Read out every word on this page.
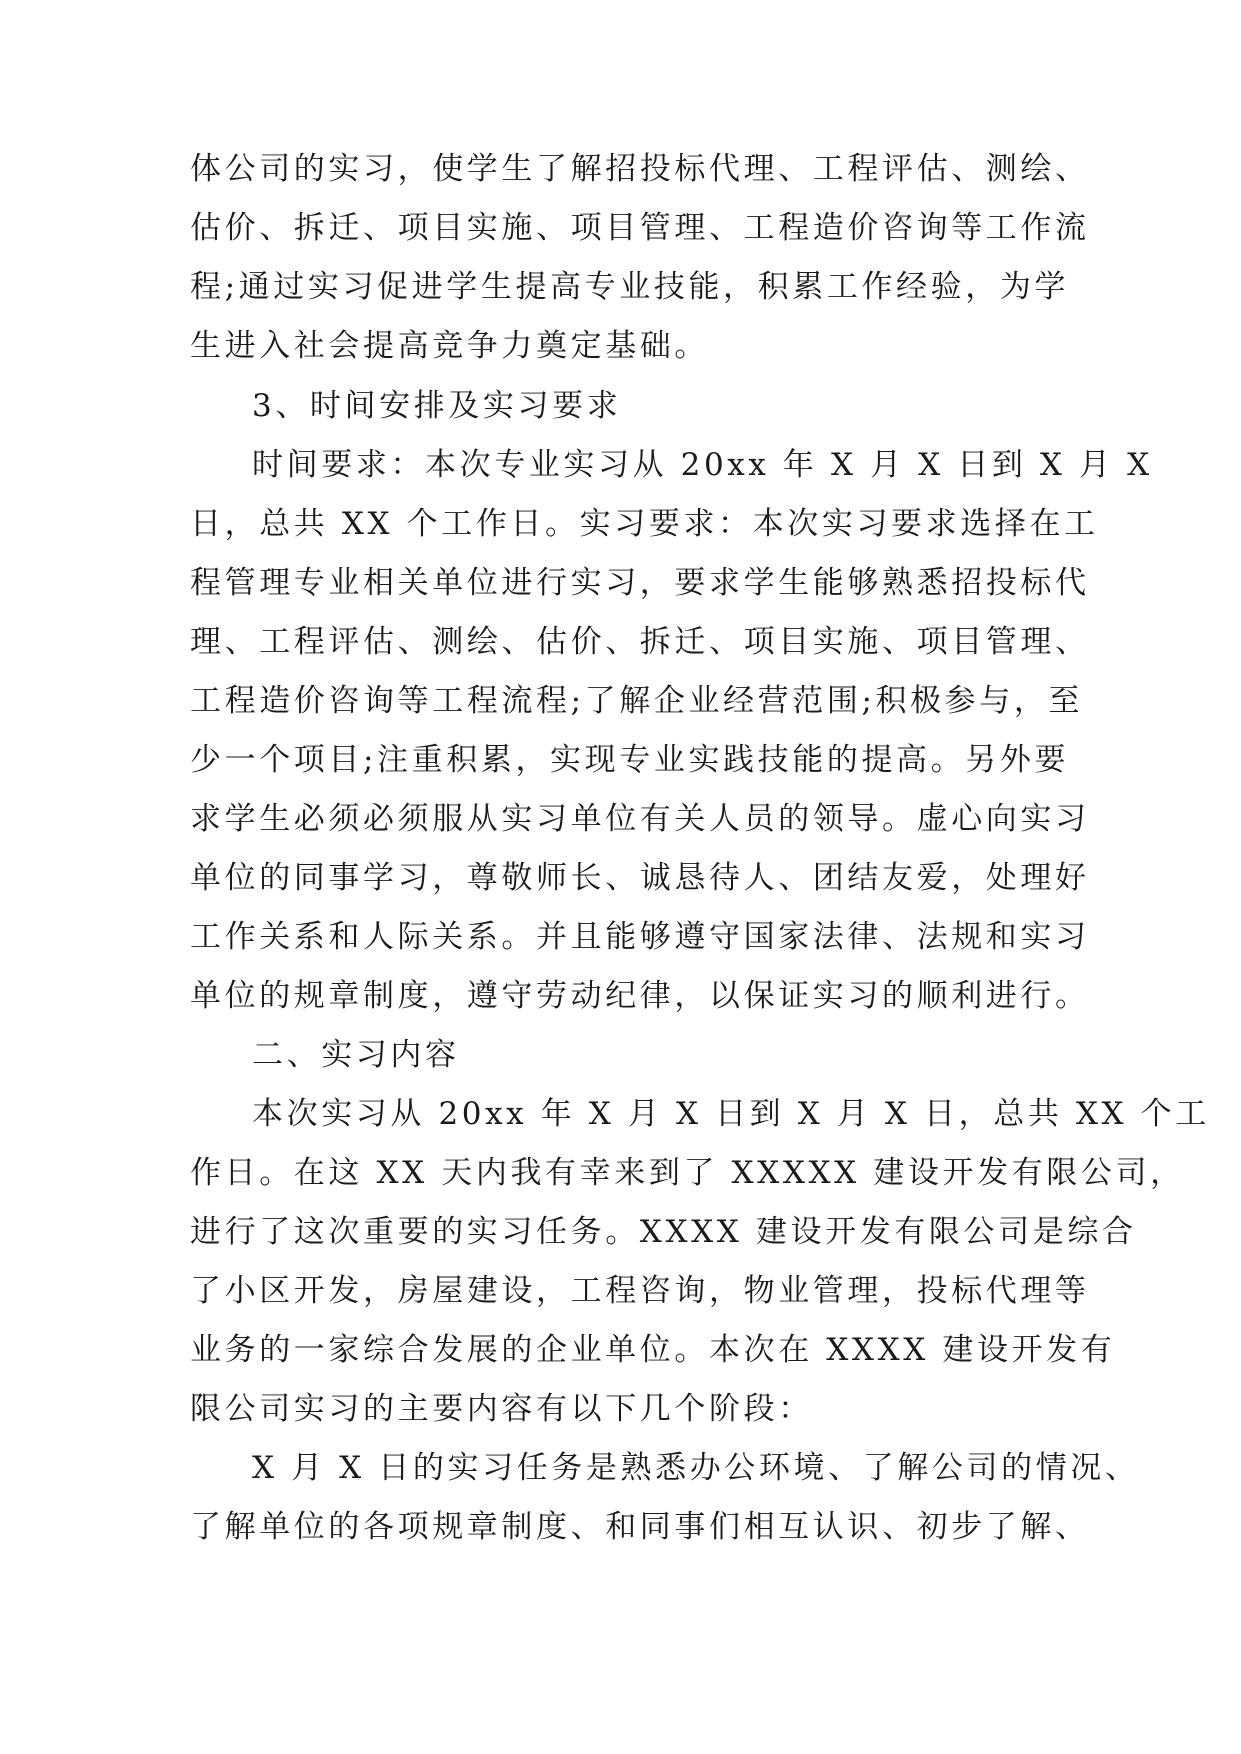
体公司的实习，使学生了解招投标代理、工程评估、测绘、

估价、拆迁、项目实施、项目管理、工程造价咨询等工作流

程;通过实习促进学生提高专业技能，积累工作经验，为学

生进入社会提高竞争力奠定基础。

3、时间安排及实习要求

时间要求：本次专业实习从 20xx 年 X 月 X 日到 X 月 X

日，总共 XX 个工作日。实习要求：本次实习要求选择在工

程管理专业相关单位进行实习，要求学生能够熟悉招投标代

理、工程评估、测绘、估价、拆迁、项目实施、项目管理、

工程造价咨询等工程流程;了解企业经营范围;积极参与，至

少一个项目;注重积累，实现专业实践技能的提高。另外要

求学生必须必须服从实习单位有关人员的领导。虚心向实习

单位的同事学习，尊敬师长、诚恳待人、团结友爱，处理好

工作关系和人际关系。并且能够遵守国家法律、法规和实习

单位的规章制度，遵守劳动纪律，以保证实习的顺利进行。

二、实习内容

本次实习从 20xx 年 X 月 X 日到 X 月 X 日，总共 XX 个工

作日。在这 XX 天内我有幸来到了 XXXXX 建设开发有限公司，

进行了这次重要的实习任务。XXXX 建设开发有限公司是综合

了小区开发，房屋建设，工程咨询，物业管理，投标代理等

业务的一家综合发展的企业单位。本次在 XXXX 建设开发有

限公司实习的主要内容有以下几个阶段：

X 月 X 日的实习任务是熟悉办公环境、了解公司的情况、

了解单位的各项规章制度、和同事们相互认识、初步了解、
